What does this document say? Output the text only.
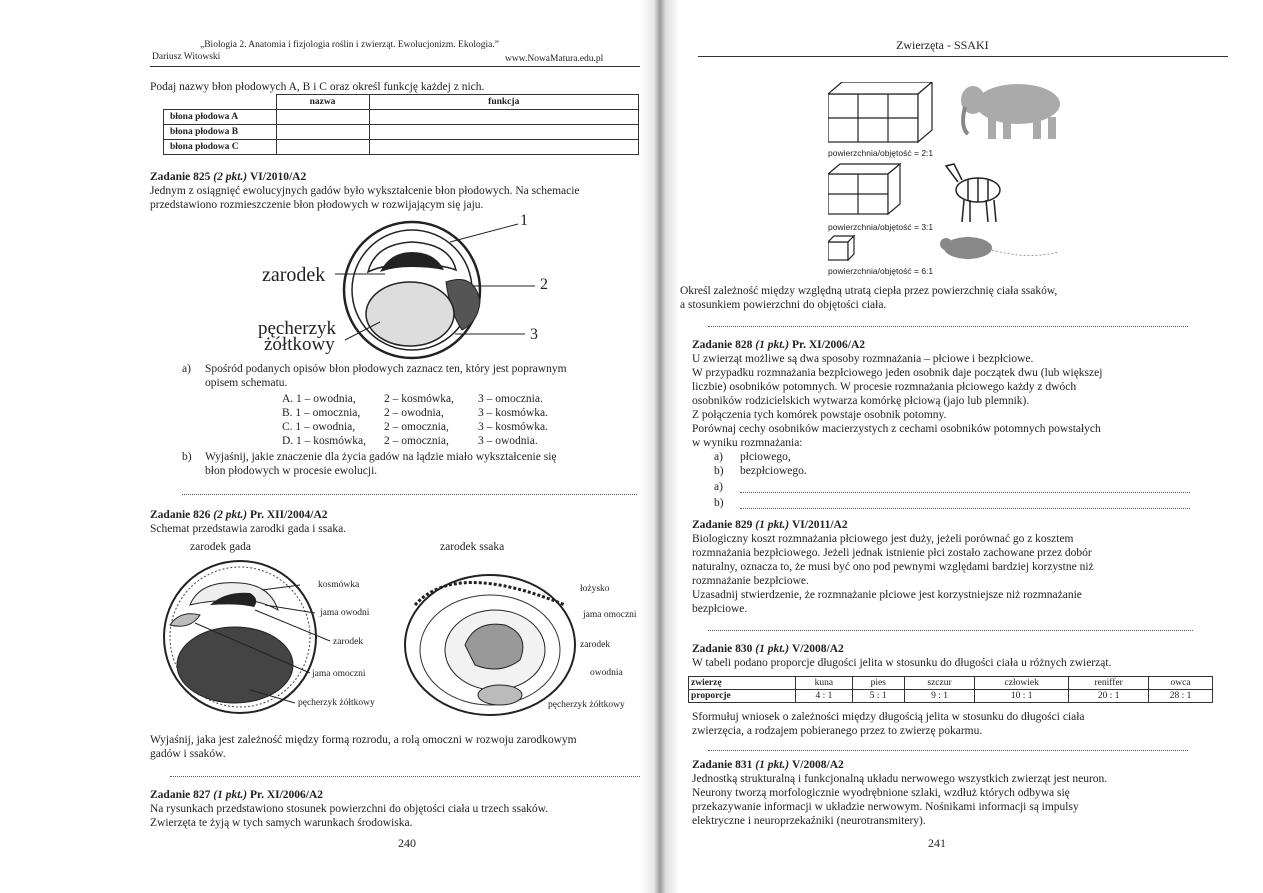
„Biologia 2. Anatomia i fizjologia roślin i zwierząt. Ewolucjonizm. Ekologia.”
Dariusz Witowski	www.NowaMatura.edu.pl
Podaj nazwy błon płodowych A, B i C oraz określ funkcję każdej z nich.
	nazwa	funkcja
błona płodowa A		
błona płodowa B		
błona płodowa C		
Zadanie 825 (2 pkt.) VI/2010/A2
Jednym z osiągnięć ewolucyjnych gadów było wykształcenie błon płodowych. Na schemacie
przedstawiono rozmieszczenie błon płodowych w rozwijającym się jaju.
zarodek
pęcherzyk
żółtkowy
1
2
3
a) Spośród podanych opisów błon płodowych zaznacz ten, który jest poprawnym
opisem schematu.
A. 1 – owodnia, 2 – kosmówka, 3 – omocznia.
B. 1 – omocznia, 2 – owodnia,	3 – kosmówka.
C. 1 – owodnia,	2 – omocznia,	3 – kosmówka.
D. 1 – kosmówka, 2 – omocznia,	3 – owodnia.
b) Wyjaśnij, jakie znaczenie dla życia gadów na lądzie miało wykształcenie się
błon płodowych w procesie ewolucji.
Zadanie 826 (2 pkt.) Pr. XII/2004/A2
Schemat przedstawia zarodki gada i ssaka.
zarodek gada	zarodek ssaka
kosmówka
jama owodni
zarodek
jama omoczni
pęcherzyk żółtkowy
łożysko
jama omoczni
zarodek
owodnia
pęcherzyk żółtkowy
Wyjaśnij, jaka jest zależność między formą rozrodu, a rolą omoczni w rozwoju zarodkowym
gadów i ssaków.
Zadanie 827 (1 pkt.) Pr. XI/2006/A2
Na rysunkach przedstawiono stosunek powierzchni do objętości ciała u trzech ssaków.
Zwierzęta te żyją w tych samych warunkach środowiska.
240
Zwierzęta - SSAKI
powierzchnia/objętość = 2:1
powierzchnia/objętość = 3:1
powierzchnia/objętość = 6:1
Określ zależność między względną utratą ciepła przez powierzchnię ciała ssaków,
a stosunkiem powierzchni do objętości ciała.
Zadanie 828 (1 pkt.) Pr. XI/2006/A2
U zwierząt możliwe są dwa sposoby rozmnażania – płciowe i bezpłciowe.
W przypadku rozmnażania bezpłciowego jeden osobnik daje początek dwu (lub większej
liczbie) osobników potomnych. W procesie rozmnażania płciowego każdy z dwóch
osobników rodzicielskich wytwarza komórkę płciową (jajo lub plemnik).
Z połączenia tych komórek powstaje osobnik potomny.
Porównaj cechy osobników macierzystych z cechami osobników potomnych powstałych
w wyniku rozmnażania:
a) płciowego,
b) bezpłciowego.
a)
b)
Zadanie 829 (1 pkt.) VI/2011/A2
Biologiczny koszt rozmnażania płciowego jest duży, jeżeli porównać go z kosztem
rozmnażania bezpłciowego. Jeżeli jednak istnienie płci zostało zachowane przez dobór
naturalny, oznacza to, że musi być ono pod pewnymi względami bardziej korzystne niż
rozmnażanie bezpłciowe.
Uzasadnij stwierdzenie, że rozmnażanie płciowe jest korzystniejsze niż rozmnażanie
bezpłciowe.
Zadanie 830 (1 pkt.) V/2008/A2
W tabeli podano proporcje długości jelita w stosunku do długości ciała u różnych zwierząt.
zwierzę	kuna	pies	szczur	człowiek	reniffer	owca
proporcje	4 : 1	5 : 1	9 : 1	10 : 1	20 : 1	28 : 1
Sformułuj wniosek o zależności między długością jelita w stosunku do długości ciała
zwierzęcia, a rodzajem pobieranego przez to zwierzę pokarmu.
Zadanie 831 (1 pkt.) V/2008/A2
Jednostką strukturalną i funkcjonalną układu nerwowego wszystkich zwierząt jest neuron.
Neurony tworzą morfologicznie wyodrębnione szlaki, wzdłuż których odbywa się
przekazywanie informacji w układzie nerwowym. Nośnikami informacji są impulsy
elektryczne i neuroprzekaźniki (neurotransmitery).
241
